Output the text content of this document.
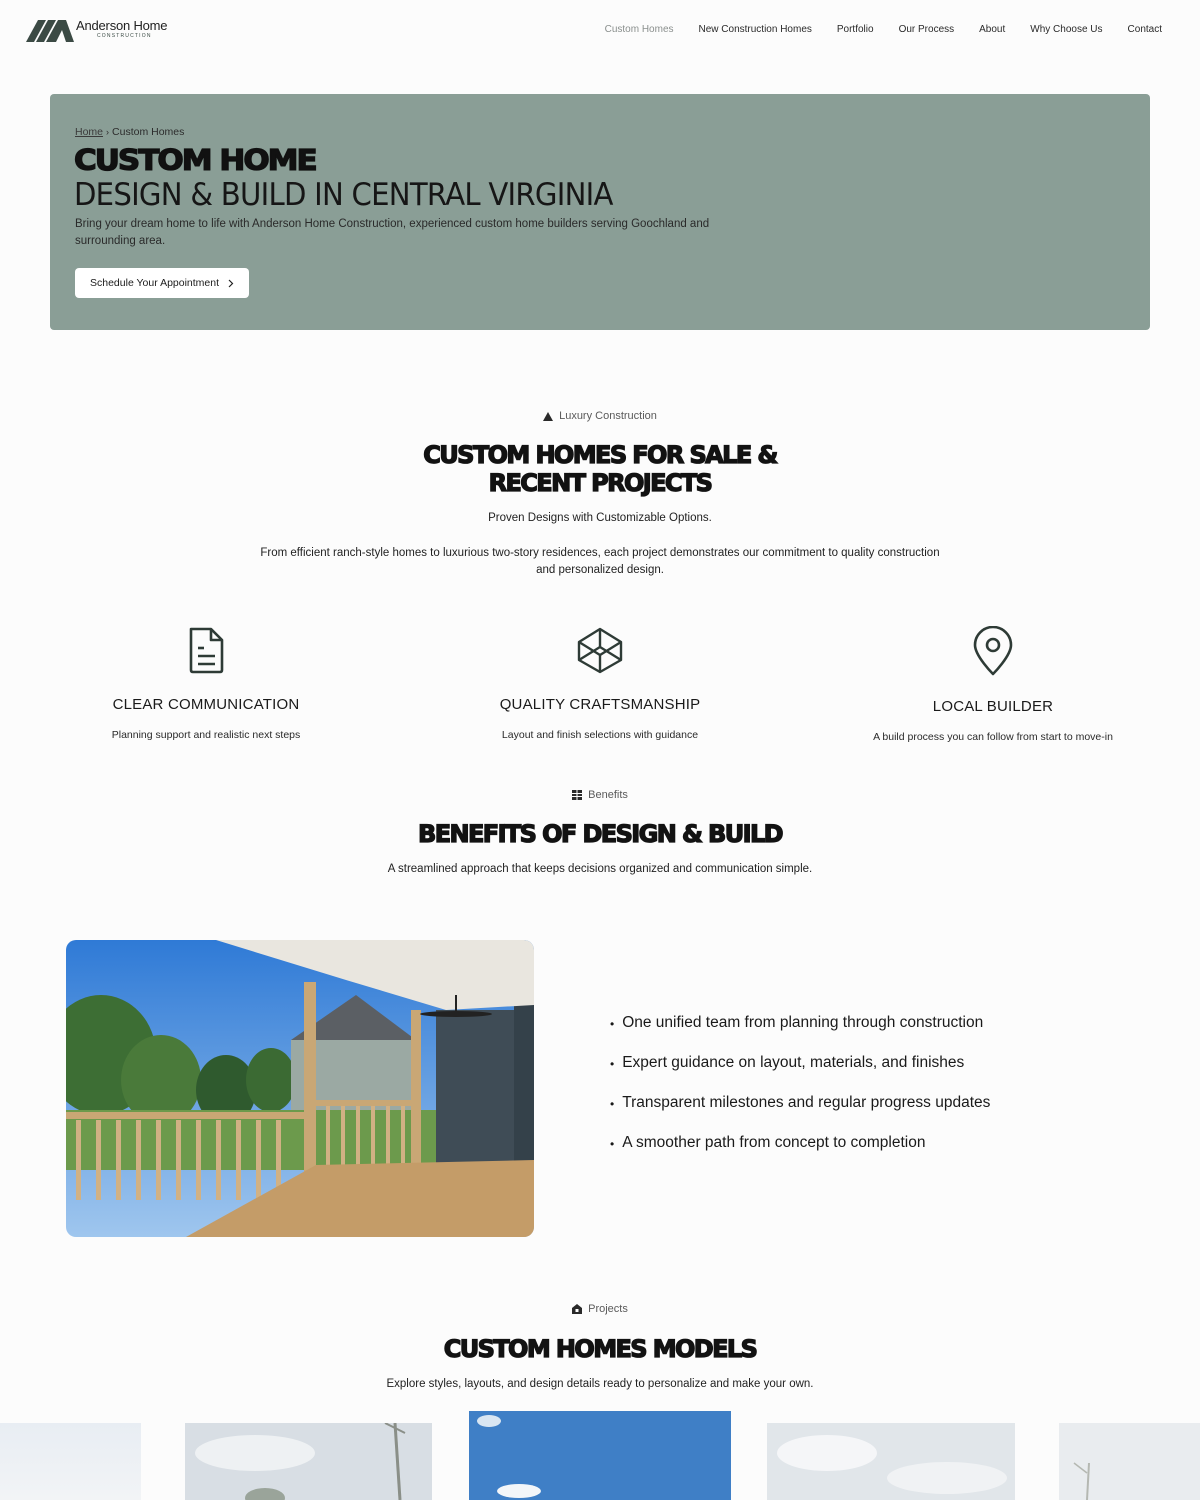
Anderson Home
CONSTRUCTION
Custom Homes	New Construction Homes	Portfolio	Our Process	About	Why Choose Us	Contact
Home › Custom Homes
CUSTOM HOME
DESIGN & BUILD IN CENTRAL VIRGINIA

Bring your dream home to life with Anderson Home Construction, experienced custom home builders serving Goochland and surrounding area.

Schedule Your Appointment
Luxury Construction
CUSTOM HOMES FOR SALE &
RECENT PROJECTS

Proven Designs with Customizable Options.

From efficient ranch-style homes to luxurious two-story residences, each project demonstrates our commitment to quality construction and personalized design.

CLEAR COMMUNICATION
Planning support and realistic next steps
QUALITY CRAFTSMANSHIP
Layout and finish selections with guidance
LOCAL BUILDER
A build process you can follow from start to move-in
Benefits
BENEFITS OF DESIGN & BUILD

A streamlined approach that keeps decisions organized and communication simple.

• One unified team from planning through construction
• Expert guidance on layout, materials, and finishes
• Transparent milestones and regular progress updates
• A smoother path from concept to completion
Projects
CUSTOM HOMES MODELS

Explore styles, layouts, and design details ready to personalize and make your own.
